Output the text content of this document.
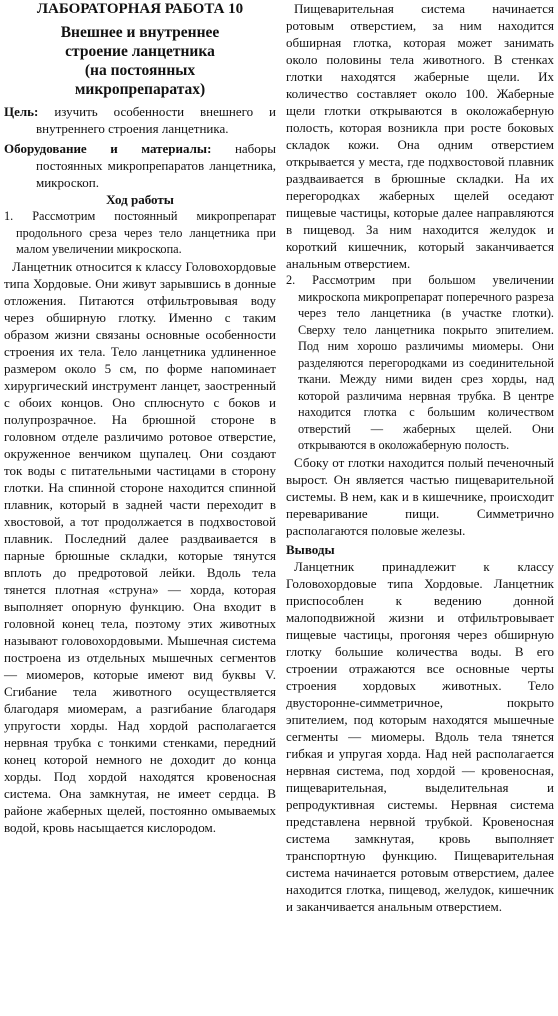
ЛАБОРАТОРНАЯ РАБОТА 10

Внешнее и внутреннее
строение ланцетника
(на постоянных
микропрепаратах)

Цель: изучить особенности внешнего и внутреннего строения ланцетника.

Оборудование и материалы: наборы постоянных микропрепаратов ланцетника, микроскоп.

Ход работы

1. Рассмотрим постоянный микропрепарат продольного среза через тело ланцетника при малом увеличении микроскопа.

Ланцетник относится к классу Головохордовые типа Хордовые. Они живут зарывшись в донные отложения. Питаются отфильтровывая воду через обширную глотку. Именно с таким образом жизни связаны основные особенности строения их тела. Тело ланцетника удлиненное размером около 5 см, по форме напоминает хирургический инструмент ланцет, заостренный с обоих концов. Оно сплюснуто с боков и полупрозрачное. На брюшной стороне в головном отделе различимо ротовое отверстие, окруженное венчиком щупалец. Они создают ток воды с питательными частицами в сторону глотки. На спинной стороне находится спинной плавник, который в задней части переходит в хвостовой, а тот продолжается в подхвостовой плавник. Последний далее раздваивается в парные брюшные складки, которые тянутся вплоть до предротовой лейки. Вдоль тела тянется плотная «струна» — хорда, которая выполняет опорную функцию. Она входит в головной конец тела, поэтому этих животных называют головохордовыми. Мышечная система построена из отдельных мышечных сегментов — миомеров, которые имеют вид буквы V. Сгибание тела животного осуществляется благодаря миомерам, а разгибание благодаря упругости хорды. Над хордой располагается нервная трубка с тонкими стенками, передний конец которой немного не доходит до конца хорды. Под хордой находятся кровеносная система. Она замкнутая, не имеет сердца. В районе жаберных щелей, постоянно омываемых водой, кровь насыщается кислородом.

Пищеварительная система начинается ротовым отверстием, за ним находится обширная глотка, которая может занимать около половины тела животного. В стенках глотки находятся жаберные щели. Их количество составляет около 100. Жаберные щели глотки открываются в околожаберную полость, которая возникла при росте боковых складок кожи. Она одним отверстием открывается у места, где подхвостовой плавник раздваивается в брюшные складки. На их перегородках жаберных щелей оседают пищевые частицы, которые далее направляются в пищевод. За ним находится желудок и короткий кишечник, который заканчивается анальным отверстием.

2. Рассмотрим при большом увеличении микроскопа микропрепарат поперечного разреза через тело ланцетника (в участке глотки). Сверху тело ланцетника покрыто эпителием. Под ним хорошо различимы миомеры. Они разделяются перегородками из соединительной ткани. Между ними виден срез хорды, над которой различима нервная трубка. В центре находится глотка с большим количеством отверстий — жаберных щелей. Они открываются в околожаберную полость.

Сбоку от глотки находится полый печеночный вырост. Он является частью пищеварительной системы. В нем, как и в кишечнике, происходит переваривание пищи. Симметрично располагаются половые железы.

Выводы

Ланцетник принадлежит к классу Головохордовые типа Хордовые. Ланцетник приспособлен к ведению донной малоподвижной жизни и отфильтровывает пищевые частицы, прогоняя через обширную глотку большие количества воды. В его строении отражаются все основные черты строения хордовых животных. Тело двусторонне-симметричное, покрыто эпителием, под которым находятся мышечные сегменты — миомеры. Вдоль тела тянется гибкая и упругая хорда. Над ней располагается нервная система, под хордой — кровеносная, пищеварительная, выделительная и репродуктивная системы. Нервная система представлена нервной трубкой. Кровеносная система замкнутая, кровь выполняет транспортную функцию. Пищеварительная система начинается ротовым отверстием, далее находится глотка, пищевод, желудок, кишечник и заканчивается анальным отверстием.
